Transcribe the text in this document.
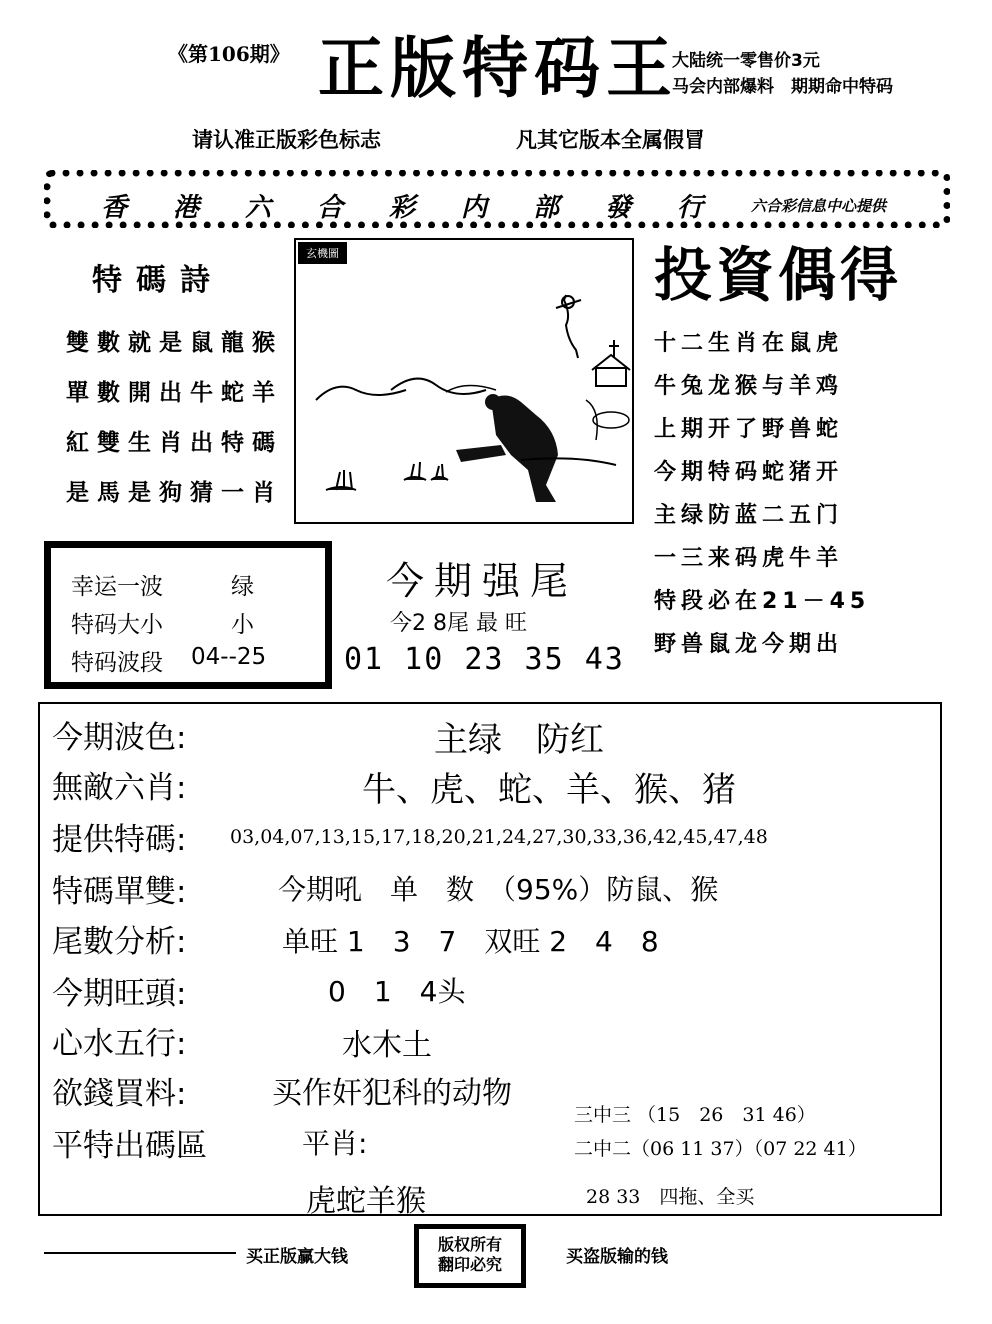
《第106期》 正版特码王
大陆统一零售价3元
马会内部爆料　期期命中特码
请认准正版彩色标志	凡其它版本全属假冒
香	港	六	合	彩	内	部	發	行	六合彩信息中心提供
特碼詩
雙數就是鼠龍猴
單數開出牛蛇羊
紅雙生肖出特碼
是馬是狗猜一肖
玄機圖	投資偶得
十二生肖在鼠虎
牛兔龙猴与羊鸡
上期开了野兽蛇
今期特码蛇猪开
主绿防蓝二五门
一三来码虎牛羊
特段必在21－45
野兽鼠龙今期出
幸运一波	绿
特码大小	小
特码波段 04--25
今期强尾
今2 8尾 最 旺
01 10 23 35 43
今期波色:	主绿　防红
無敵六肖:	牛、虎、蛇、羊、猴、猪
提供特碼: 03,04,07,13,15,17,18,20,21,24,27,30,33,36,42,45,47,48
特碼單雙:	今期吼　单　数　（95%）防鼠、猴
尾數分析:	单旺 1　3　7　双旺 2　4　8
今期旺頭:	0　1　4头
心水五行:	水木土
欲錢買料:	买作奸犯科的动物
平特出碼區	平肖:
虎蛇羊猴
三中三 （15　26　31 46）
二中二（06 11 37）（07 22 41）
28 33　四拖、全买
买正版赢大钱
版权所有
翻印必究	买盗版输的钱
